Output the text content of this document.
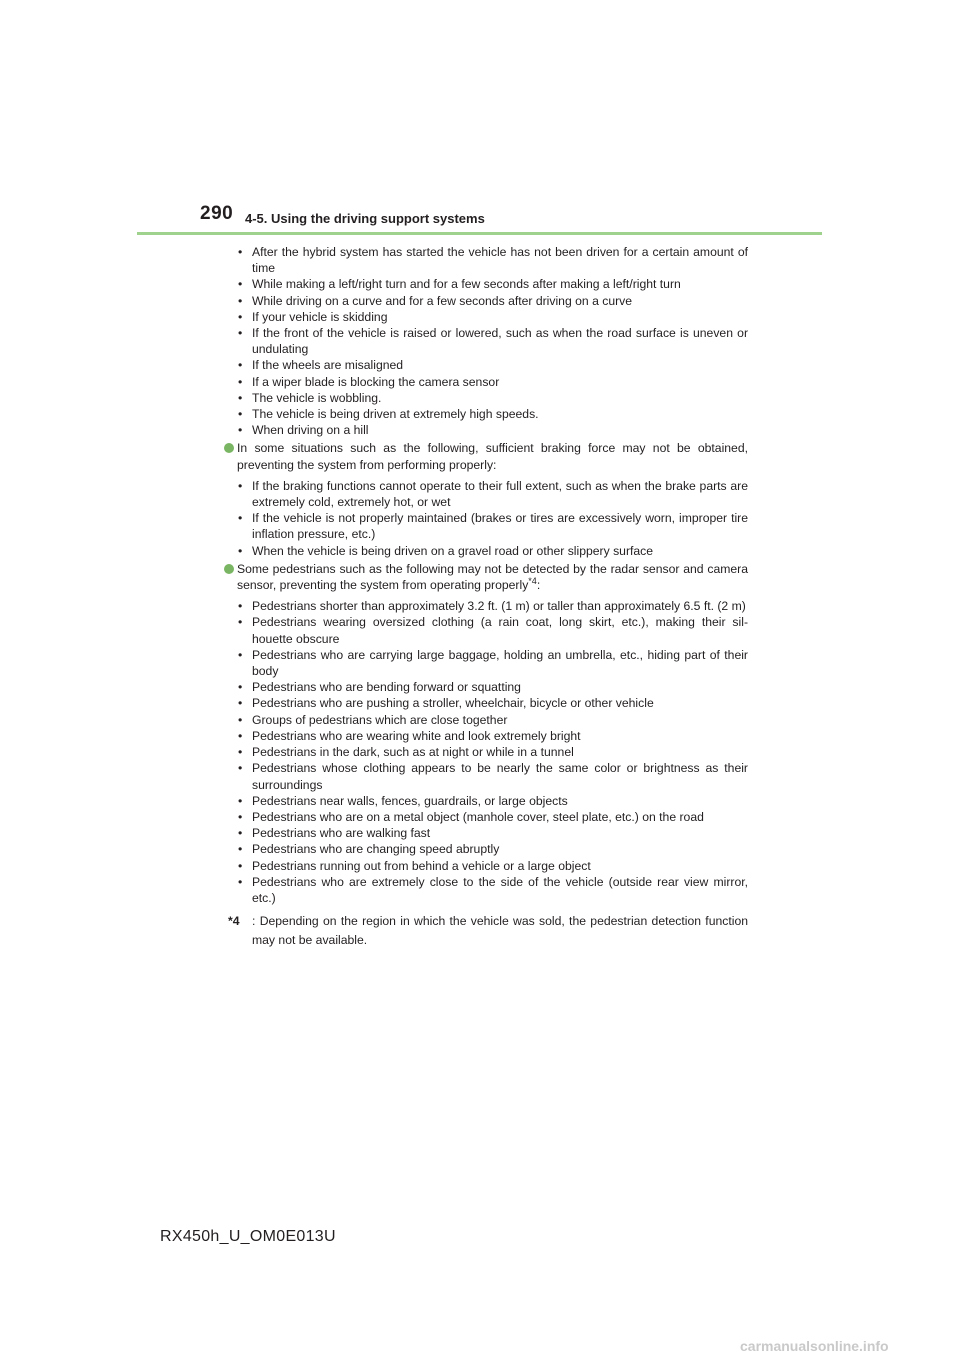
290 4-5. Using the driving support systems
• After the hybrid system has started the vehicle has not been driven for a certain amount of time
• While making a left/right turn and for a few seconds after making a left/right turn
• While driving on a curve and for a few seconds after driving on a curve
• If your vehicle is skidding
• If the front of the vehicle is raised or lowered, such as when the road surface is uneven or undulating
• If the wheels are misaligned
• If a wiper blade is blocking the camera sensor
• The vehicle is wobbling.
• The vehicle is being driven at extremely high speeds.
• When driving on a hill
In some situations such as the following, sufficient braking force may not be obtained, preventing the system from performing properly:
• If the braking functions cannot operate to their full extent, such as when the brake parts are extremely cold, extremely hot, or wet
• If the vehicle is not properly maintained (brakes or tires are excessively worn, improper tire inflation pressure, etc.)
• When the vehicle is being driven on a gravel road or other slippery surface
Some pedestrians such as the following may not be detected by the radar sensor and camera sensor, preventing the system from operating properly$^{*4}$:
• Pedestrians shorter than approximately 3.2 ft. (1 m) or taller than approximately 6.5 ft. (2 m)
• Pedestrians wearing oversized clothing (a rain coat, long skirt, etc.), making their sil- houette obscure
• Pedestrians who are carrying large baggage, holding an umbrella, etc., hiding part of their body
• Pedestrians who are bending forward or squatting
• Pedestrians who are pushing a stroller, wheelchair, bicycle or other vehicle
• Groups of pedestrians which are close together
• Pedestrians who are wearing white and look extremely bright
• Pedestrians in the dark, such as at night or while in a tunnel
• Pedestrians whose clothing appears to be nearly the same color or brightness as their surroundings
• Pedestrians near walls, fences, guardrails, or large objects
• Pedestrians who are on a metal object (manhole cover, steel plate, etc.) on the road
• Pedestrians who are walking fast
• Pedestrians who are changing speed abruptly
• Pedestrians running out from behind a vehicle or a large object
• Pedestrians who are extremely close to the side of the vehicle (outside rear view mirror, etc.)
*4 : Depending on the region in which the vehicle was sold, the pedestrian detection function may not be available.
RX450h_U_OM0E013U
carmanualsonline.info
